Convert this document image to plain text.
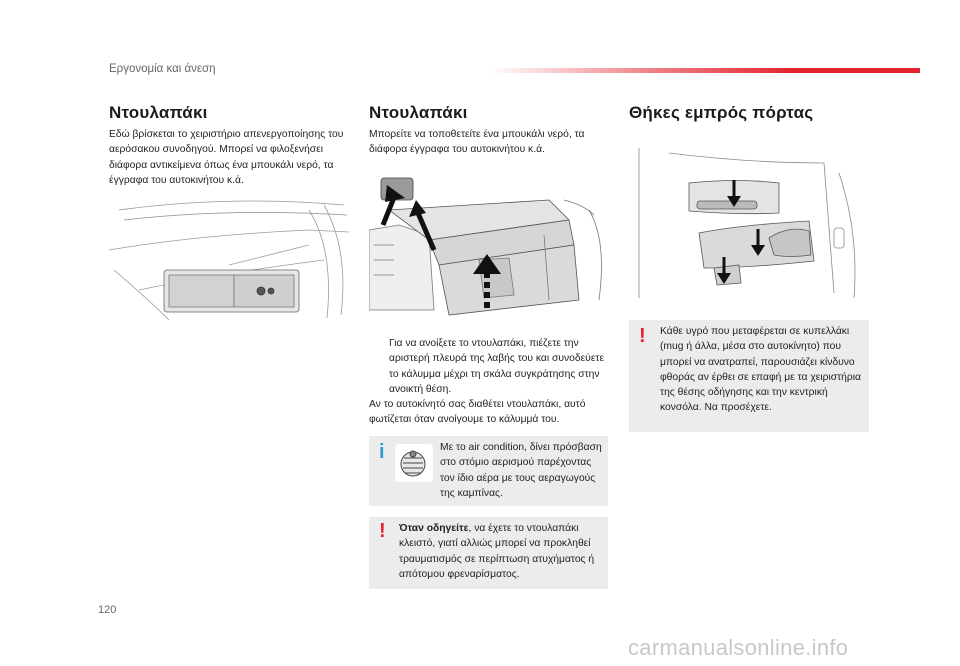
Εργονομία και άνεση
Ντουλαπάκι
Εδώ βρίσκεται το χειριστήριο απενεργοποίησης του αερόσακου συνοδηγού. Μπορεί να φιλοξενήσει διάφορα αντικείμενα όπως ένα μπουκάλι νερό, τα έγγραφα του αυτοκινήτου κ.ά.
Ντουλαπάκι
Μπορείτε να τοποθετείτε ένα μπουκάλι νερό, τα διάφορα έγγραφα του αυτοκινήτου κ.ά.
Για να ανοίξετε το ντουλαπάκι, πιέζετε την αριστερή πλευρά της λαβής του και συνοδεύετε το κάλυμμα μέχρι τη σκάλα συγκράτησης στην ανοικτή θέση.
Αν το αυτοκίνητό σας διαθέτει ντουλαπάκι, αυτό φωτίζεται όταν ανοίγουμε το κάλυμμά του.
i	Με το air condition, δίνει πρόσβαση στο στόμιο αερισμού παρέχοντας τον ίδιο αέρα με τους αεραγωγούς της καμπίνας.
! Όταν οδηγείτε, να έχετε το ντουλαπάκι κλειστό, γιατί αλλιώς μπορεί να προκληθεί τραυματισμός σε περίπτωση ατυχήματος ή απότομου φρεναρίσματος.
Θήκες εμπρός πόρτας
! Κάθε υγρό που μεταφέρεται σε κυπελλάκι (mug ή άλλα, μέσα στο αυτοκίνητο) που μπορεί να ανατραπεί, παρουσιάζει κίνδυνο φθοράς αν έρθει σε επαφή με τα χειριστήρια της θέσης οδήγησης και την κεντρική κονσόλα. Να προσέχετε.
120
carmanualsonline.info
